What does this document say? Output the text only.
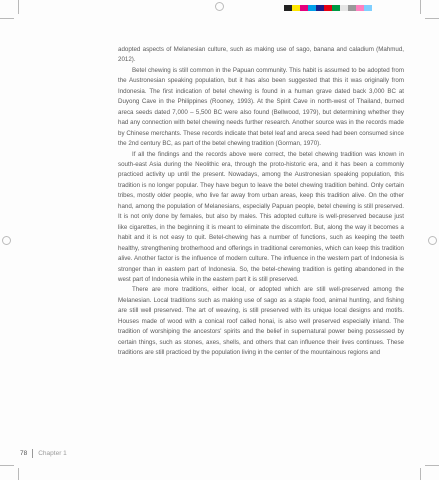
adopted aspects of Melanesian culture, such as making use of sago, banana and caladium (Mahmud, 2012).

Betel chewing is still common in the Papuan community. This habit is assumed to be adopted from the Austronesian speaking population, but it has also been suggested that this it was originally from Indonesia. The first indication of betel chewing is found in a human grave dated back 3,000 BC at Duyong Cave in the Philippines (Rooney, 1993). At the Spirit Cave in north-west of Thailand, burned areca seeds dated 7,000 – 5,500 BC were also found (Bellwood, 1979), but determining whether they had any connection with betel chewing needs further research. Another source was in the records made by Chinese merchants. These records indicate that betel leaf and areca seed had been consumed since the 2nd century BC, as part of the betel chewing tradition (Gorman, 1970).

If all the findings and the records above were correct, the betel chewing tradition was known in south-east Asia during the Neolithic era, through the proto-historic era, and it has been a commonly practiced activity up until the present. Nowadays, among the Austronesian speaking population, this tradition is no longer popular. They have begun to leave the betel chewing tradition behind. Only certain tribes, mostly older people, who live far away from urban areas, keep this tradition alive. On the other hand, among the population of Melanesians, especially Papuan people, betel chewing is still preserved. It is not only done by females, but also by males. This adopted culture is well-preserved because just like cigarettes, in the beginning it is meant to eliminate the discomfort. But, along the way it becomes a habit and it is not easy to quit. Betel-chewing has a number of functions, such as keeping the teeth healthy, strengthening brotherhood and offerings in traditional ceremonies, which can keep this tradition alive. Another factor is the influence of modern culture. The influence in the western part of Indonesia is stronger than in eastern part of Indonesia. So, the betel-chewing tradition is getting abandoned in the west part of Indonesia while in the eastern part it is still preserved.

There are more traditions, either local, or adopted which are still well-preserved among the Melanesian. Local traditions such as making use of sago as a staple food, animal hunting, and fishing are still well preserved. The art of weaving, is still preserved with its unique local designs and motifs. Houses made of wood with a conical roof called honai, is also well preserved especially inland. The tradition of worshiping the ancestors' spirits and the belief in supernatural power being possessed by certain things, such as stones, axes, shells, and others that can influence their lives continues. These traditions are still practiced by the population living in the center of the mountainous regions and

78 Chapter 1
